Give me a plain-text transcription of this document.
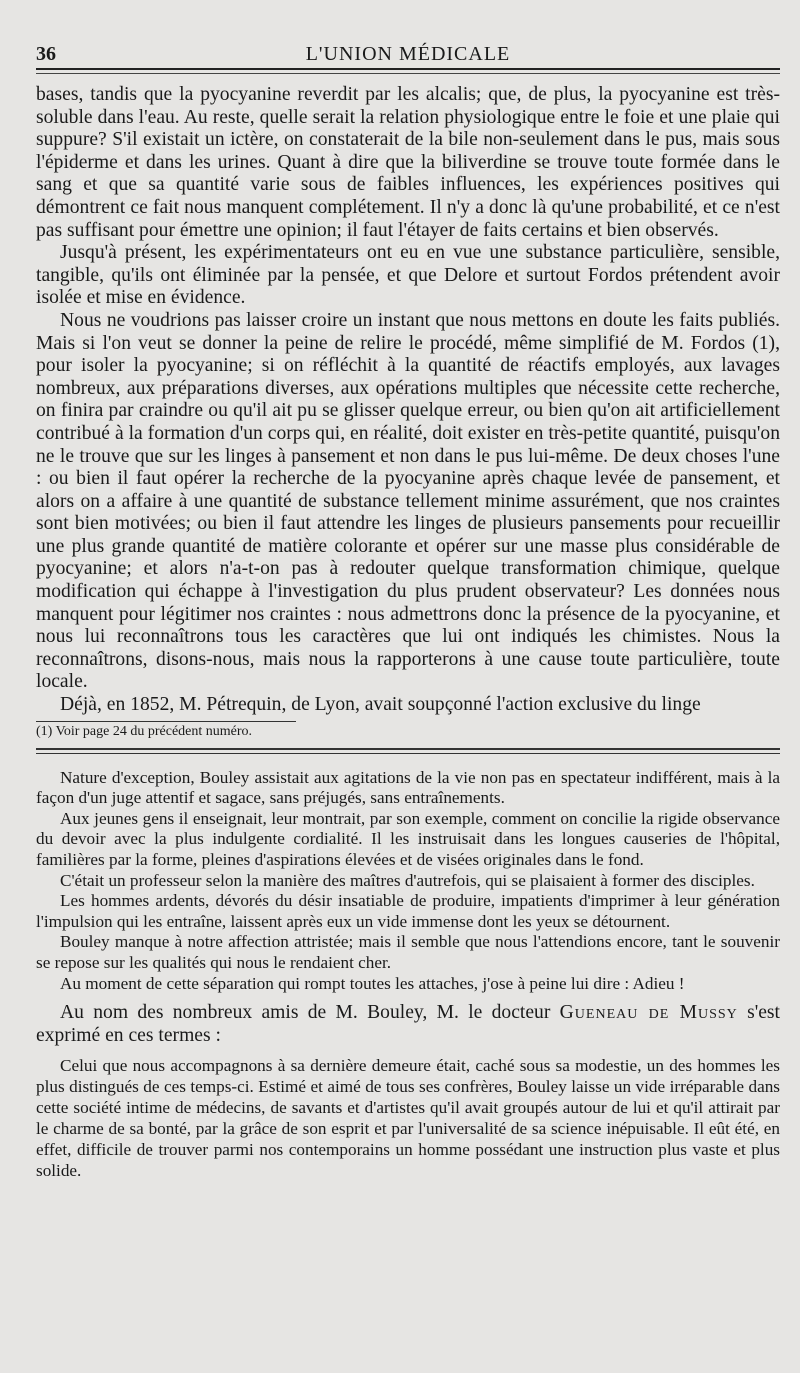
36	L'UNION MÉDICALE

bases, tandis que la pyocyanine reverdit par les alcalis; que, de plus, la pyocyanine est très-soluble dans l'eau. Au reste, quelle serait la relation physiologique entre le foie et une plaie qui suppure? S'il existait un ictère, on constaterait de la bile non-seulement dans le pus, mais sous l'épiderme et dans les urines. Quant à dire que la biliverdine se trouve toute formée dans le sang et que sa quantité varie sous de faibles influences, les expériences positives qui démontrent ce fait nous manquent complétement. Il n'y a donc là qu'une probabilité, et ce n'est pas suffisant pour émettre une opinion; il faut l'étayer de faits certains et bien observés.

Jusqu'à présent, les expérimentateurs ont eu en vue une substance particulière, sensible, tangible, qu'ils ont éliminée par la pensée, et que Delore et surtout Fordos prétendent avoir isolée et mise en évidence.

Nous ne voudrions pas laisser croire un instant que nous mettons en doute les faits publiés. Mais si l'on veut se donner la peine de relire le procédé, même simplifié de M. Fordos (1), pour isoler la pyocyanine; si on réfléchit à la quantité de réactifs employés, aux lavages nombreux, aux préparations diverses, aux opérations multiples que nécessite cette recherche, on finira par craindre ou qu'il ait pu se glisser quelque erreur, ou bien qu'on ait artificiellement contribué à la formation d'un corps qui, en réalité, doit exister en très-petite quantité, puisqu'on ne le trouve que sur les linges à pansement et non dans le pus lui-même. De deux choses l'une : ou bien il faut opérer la recherche de la pyocyanine après chaque levée de pansement, et alors on a affaire à une quantité de substance tellement minime assurément, que nos craintes sont bien motivées; ou bien il faut attendre les linges de plusieurs pansements pour recueillir une plus grande quantité de matière colorante et opérer sur une masse plus considérable de pyocyanine; et alors n'a-t-on pas à redouter quelque transformation chimique, quelque modification qui échappe à l'investigation du plus prudent observateur? Les données nous manquent pour légitimer nos craintes : nous admettrons donc la présence de la pyocyanine, et nous lui reconnaîtrons tous les caractères que lui ont indiqués les chimistes. Nous la reconnaîtrons, disons-nous, mais nous la rapporterons à une cause toute particulière, toute locale.

Déjà, en 1852, M. Pétrequin, de Lyon, avait soupçonné l'action exclusive du linge

(1) Voir page 24 du précédent numéro.

Nature d'exception, Bouley assistait aux agitations de la vie non pas en spectateur indifférent, mais à la façon d'un juge attentif et sagace, sans préjugés, sans entraînements.

Aux jeunes gens il enseignait, leur montrait, par son exemple, comment on concilie la rigide observance du devoir avec la plus indulgente cordialité. Il les instruisait dans les longues causeries de l'hôpital, familières par la forme, pleines d'aspirations élevées et de visées originales dans le fond.

C'était un professeur selon la manière des maîtres d'autrefois, qui se plaisaient à former des disciples.

Les hommes ardents, dévorés du désir insatiable de produire, impatients d'imprimer à leur génération l'impulsion qui les entraîne, laissent après eux un vide immense dont les yeux se détournent.

Bouley manque à notre affection attristée; mais il semble que nous l'attendions encore, tant le souvenir se repose sur les qualités qui nous le rendaient cher.

Au moment de cette séparation qui rompt toutes les attaches, j'ose à peine lui dire : Adieu !

Au nom des nombreux amis de M. Bouley, M. le docteur Gueneau de Mussy s'est exprimé en ces termes :

Celui que nous accompagnons à sa dernière demeure était, caché sous sa modestie, un des hommes les plus distingués de ces temps-ci. Estimé et aimé de tous ses confrères, Bouley laisse un vide irréparable dans cette société intime de médecins, de savants et d'artistes qu'il avait groupés autour de lui et qu'il attirait par le charme de sa bonté, par la grâce de son esprit et par l'universalité de sa science inépuisable. Il eût été, en effet, difficile de trouver parmi nos contemporains un homme possédant une instruction plus vaste et plus solide.
